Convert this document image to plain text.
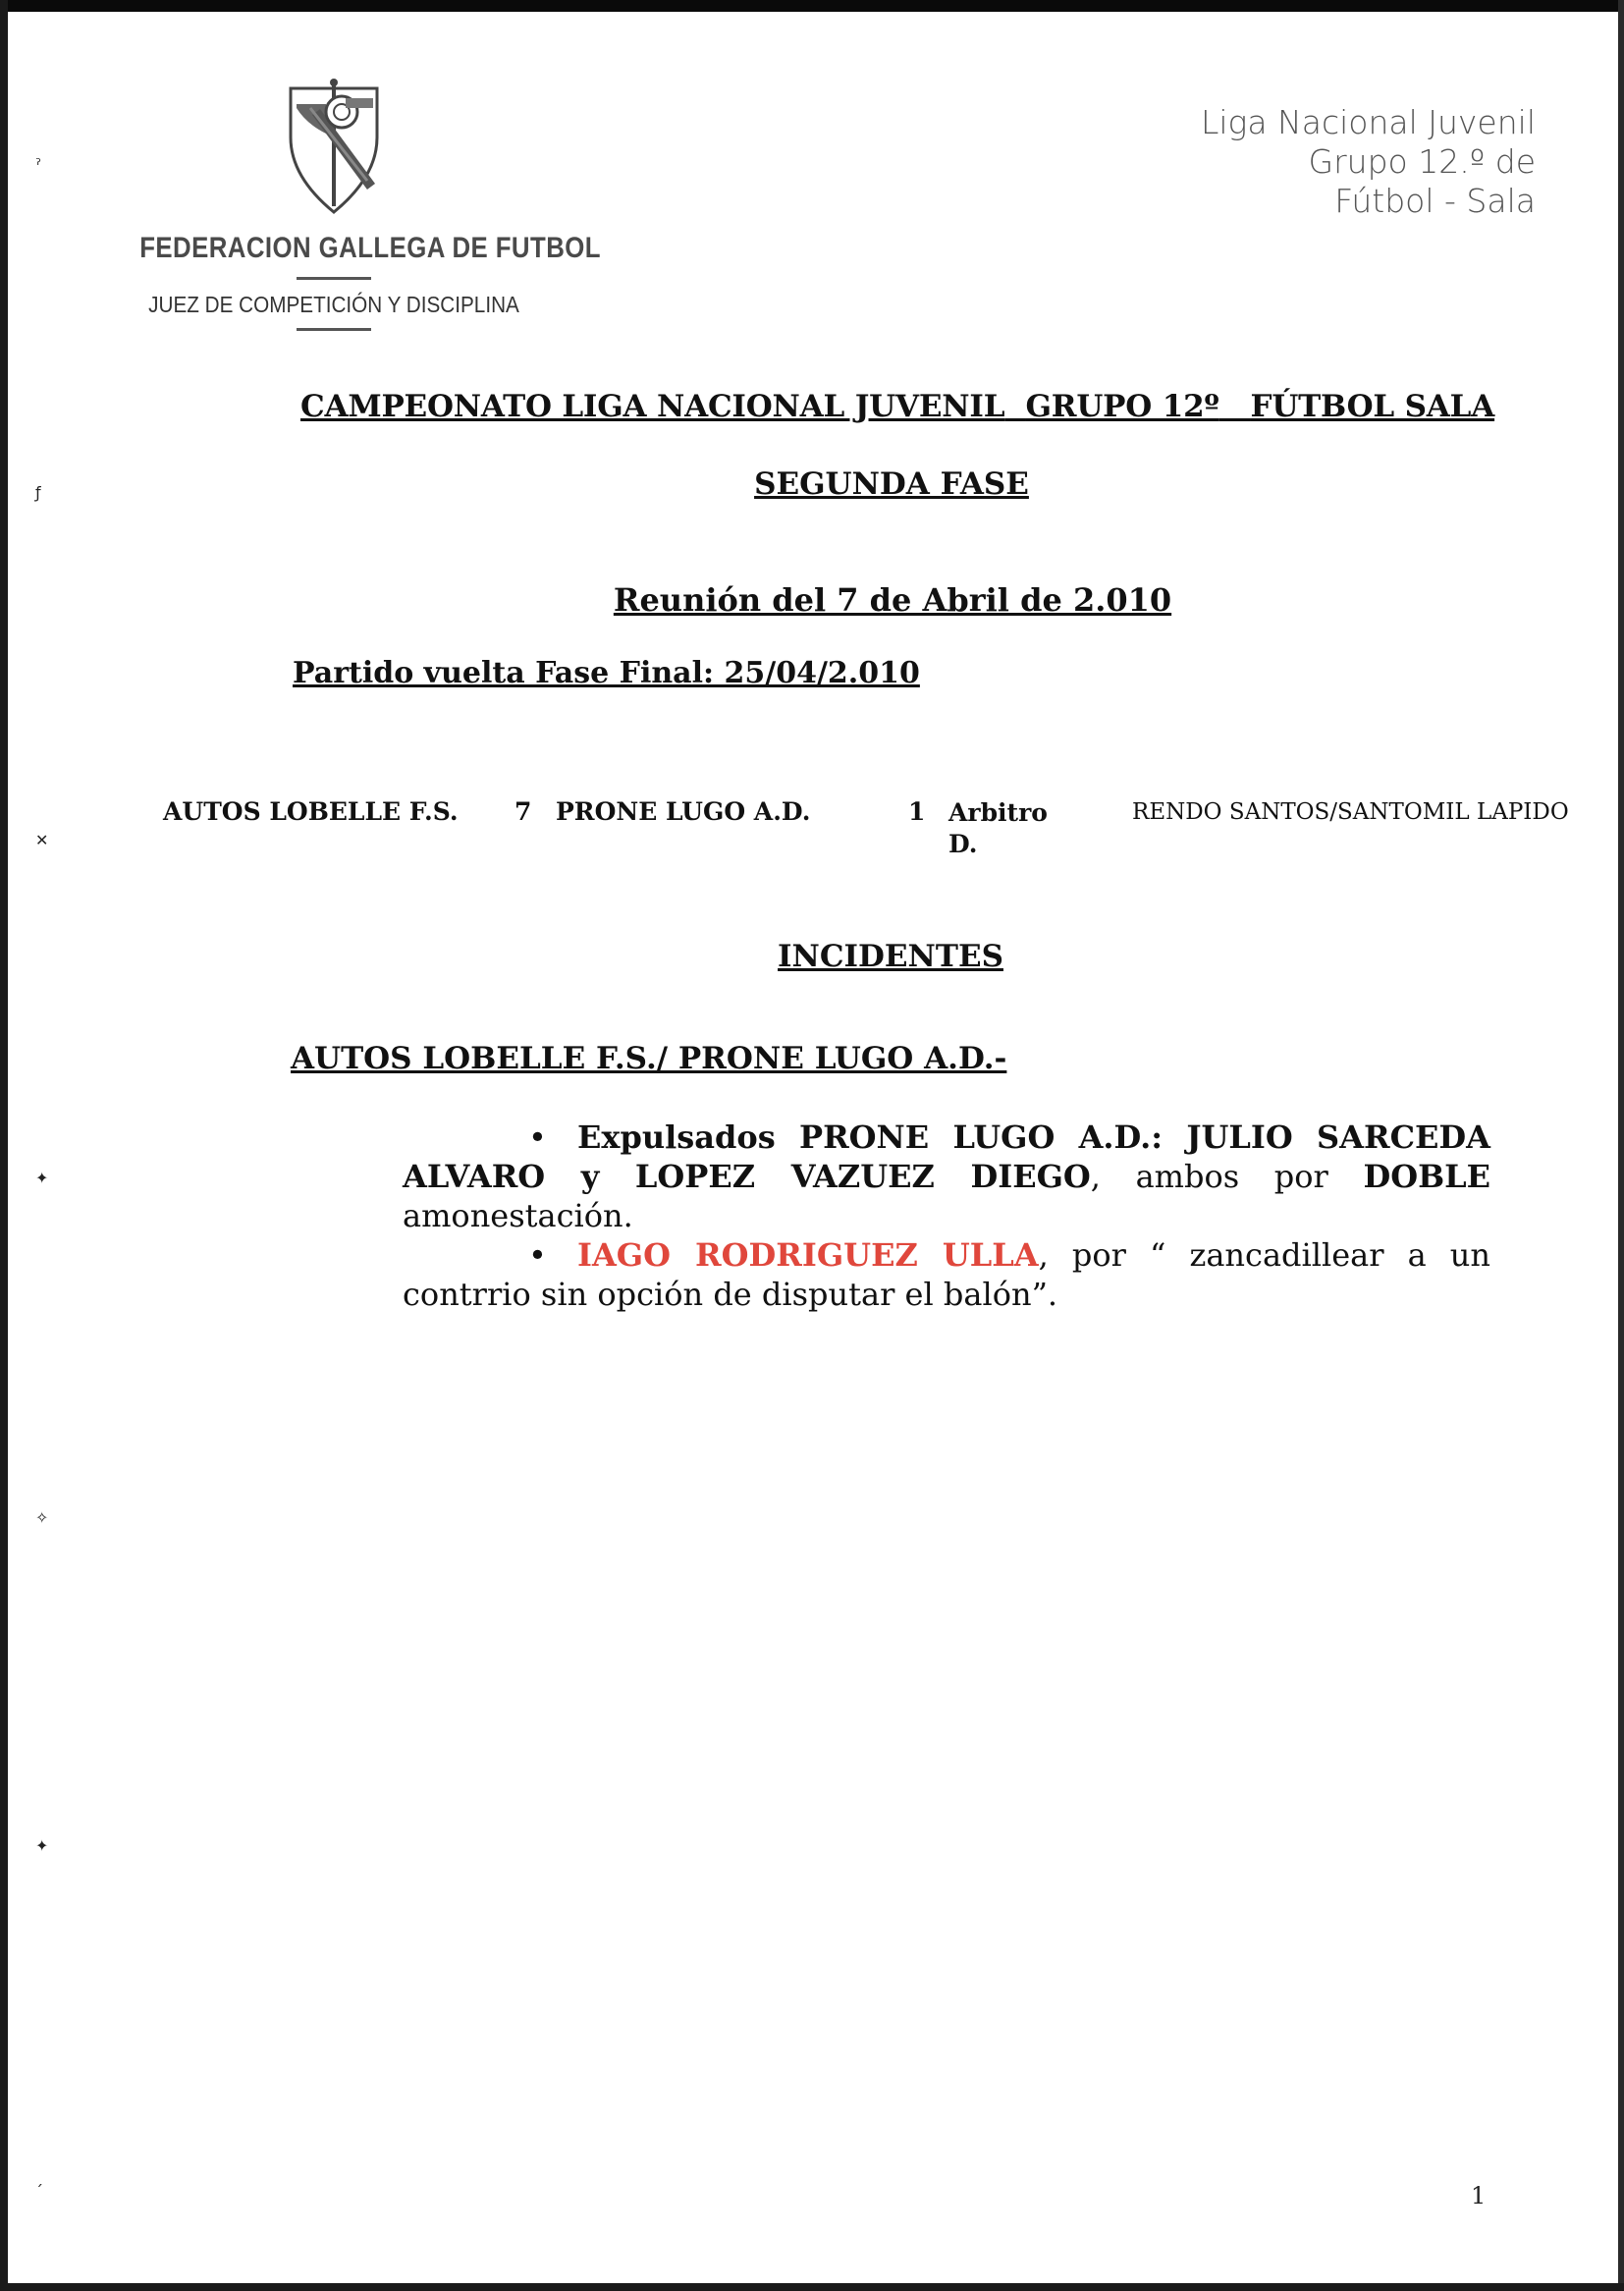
ˀ
ƒ
✕
✦
✧
✦
ˏ
FEDERACION GALLEGA DE FUTBOL
JUEZ DE COMPETICIÓN Y DISCIPLINA
Liga Nacional Juvenil
Grupo 12.º de
Fútbol - Sala
CAMPEONATO LIGA NACIONAL JUVENIL GRUPO 12º FÚTBOL SALA
SEGUNDA FASE
Reunión del 7 de Abril de 2.010
Partido vuelta Fase Final: 25/04/2.010
AUTOS LOBELLE F.S. 7 PRONE LUGO A.D.	1 Arbitro
D.
RENDO SANTOS/SANTOMIL LAPIDO
INCIDENTES
AUTOS LOBELLE F.S./ PRONE LUGO A.D.-
• Expulsados PRONE LUGO A.D.: JULIO SARCEDA ALVARO y LOPEZ VAZUEZ DIEGO, ambos por DOBLE amonestación.
• IAGO RODRIGUEZ ULLA, por “ zancadillear a un contrrio sin opción de disputar el balón”.
1
